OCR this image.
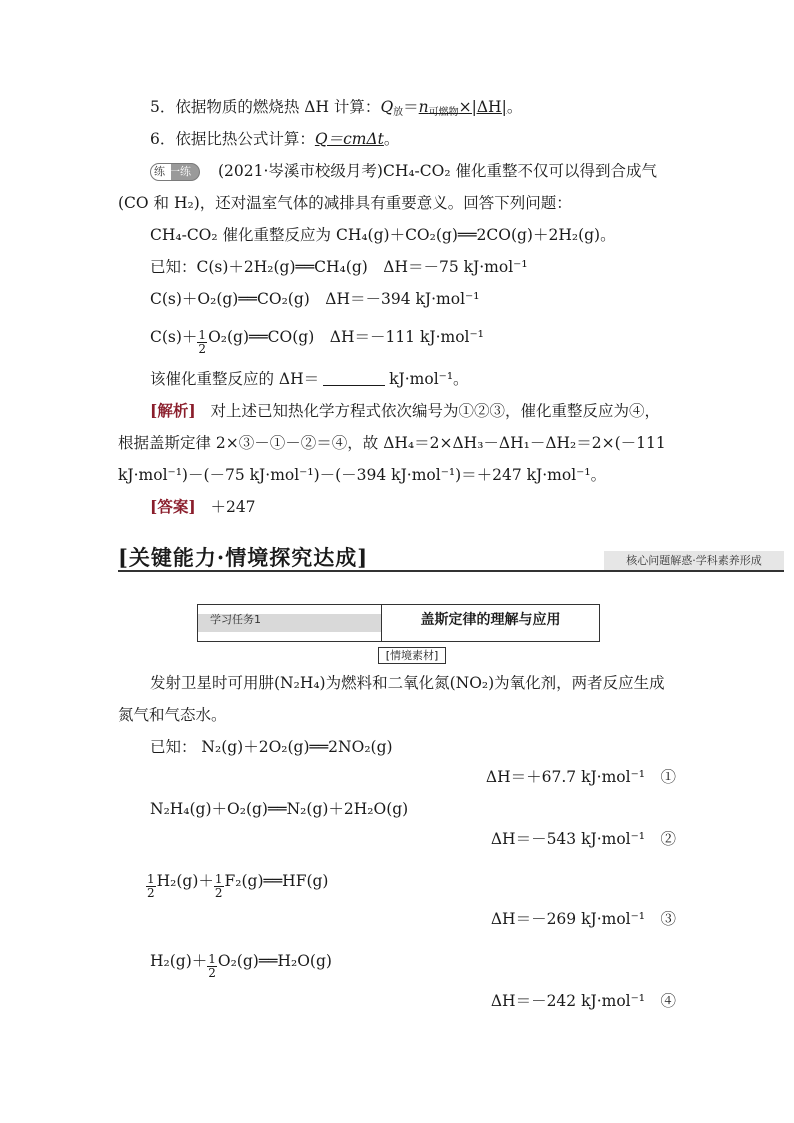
5．依据物质的燃烧热 ΔH 计算：$Q_放=n_{可燃物}\times|\Delta H|$。
6．依据比热公式计算：Q＝cmΔt。
练 一练 (2021·岑溪市校级月考)CH₄-CO₂ 催化重整不仅可以得到合成气
(CO 和 H₂)，还对温室气体的减排具有重要意义。回答下列问题：
CH₄-CO₂ 催化重整反应为 CH₄(g)＋CO₂(g)══2CO(g)＋2H₂(g)。
已知：C(s)＋2H₂(g)══CH₄(g)　ΔH＝－75 kJ·mol⁻¹
C(s)＋O₂(g)══CO₂(g)　ΔH＝－394 kJ·mol⁻¹
$C(s)+ \frac{1}{2}$ O₂(g)══CO(g)　ΔH＝－111 kJ·mol⁻¹
该催化重整反应的 ΔH＝	kJ·mol⁻¹。
[解析] 对上述已知热化学方程式依次编号为①②③，催化重整反应为④，
根据盖斯定律 2×③－①－②＝④，故 ΔH₄＝2×ΔH₃－ΔH₁－ΔH₂＝2×(－111
kJ·mol⁻¹)－(－75 kJ·mol⁻¹)－(－394 kJ·mol⁻¹)＝＋247 kJ·mol⁻¹。
[答案] ＋247
[关键能力·情境探究达成]	核心问题解惑·学科素养形成
学习任务1	盖斯定律的理解与应用
[情境素材]
发射卫星时可用肼(N₂H₄)为燃料和二氧化氮(NO₂)为氧化剂，两者反应生成
氮气和气态水。
已知： N₂(g)＋2O₂(g)══2NO₂(g)
ΔH＝＋67.7 kJ·mol⁻¹　①
N₂H₄(g)＋O₂(g)══N₂(g)＋2H₂O(g)
ΔH＝－543 kJ·mol⁻¹　②
$\frac{1}{2} H_2(g)+ \frac{1}{2}$ F₂(g)══HF(g)
ΔH＝－269 kJ·mol⁻¹　③
$H_2(g)+ \frac{1}{2}$ O₂(g)══H₂O(g)
ΔH＝－242 kJ·mol⁻¹　④
